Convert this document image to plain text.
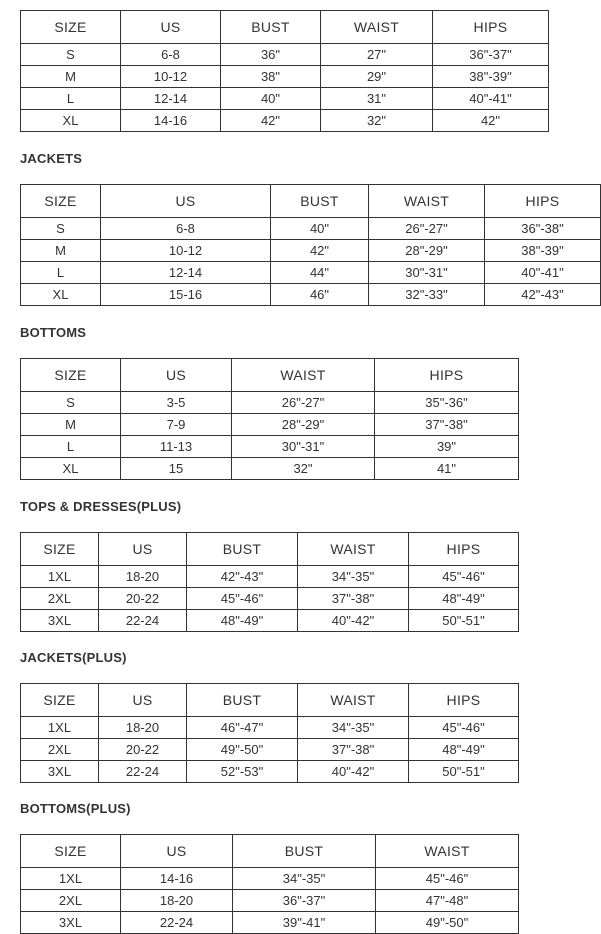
SIZE	US	BUST	WAIST	HIPS
S	6-8	36"	27"	36"-37"
M	10-12	38"	29"	38"-39"
L	12-14	40"	31"	40"-41"
XL	14-16	42"	32"	42"
JACKETS
SIZE	US	BUST	WAIST	HIPS
S	6-8	40"	26"-27"	36"-38"
M	10-12	42"	28"-29"	38"-39"
L	12-14	44"	30"-31"	40"-41"
XL	15-16	46"	32"-33"	42"-43"
BOTTOMS
SIZE	US	WAIST	HIPS
S	3-5	26"-27"	35"-36"
M	7-9	28"-29"	37"-38"
L	11-13	30"-31"	39"
XL	15	32"	41"
TOPS & DRESSES(PLUS)
SIZE	US	BUST	WAIST	HIPS
1XL	18-20	42"-43"	34"-35"	45"-46"
2XL	20-22	45"-46"	37"-38"	48"-49"
3XL	22-24	48"-49"	40"-42"	50"-51"
JACKETS(PLUS)
SIZE	US	BUST	WAIST	HIPS
1XL	18-20	46"-47"	34"-35"	45"-46"
2XL	20-22	49"-50"	37"-38"	48"-49"
3XL	22-24	52"-53"	40"-42"	50"-51"
BOTTOMS(PLUS)
SIZE	US	BUST	WAIST
1XL	14-16	34"-35"	45"-46"
2XL	18-20	36"-37"	47"-48"
3XL	22-24	39"-41"	49"-50"
